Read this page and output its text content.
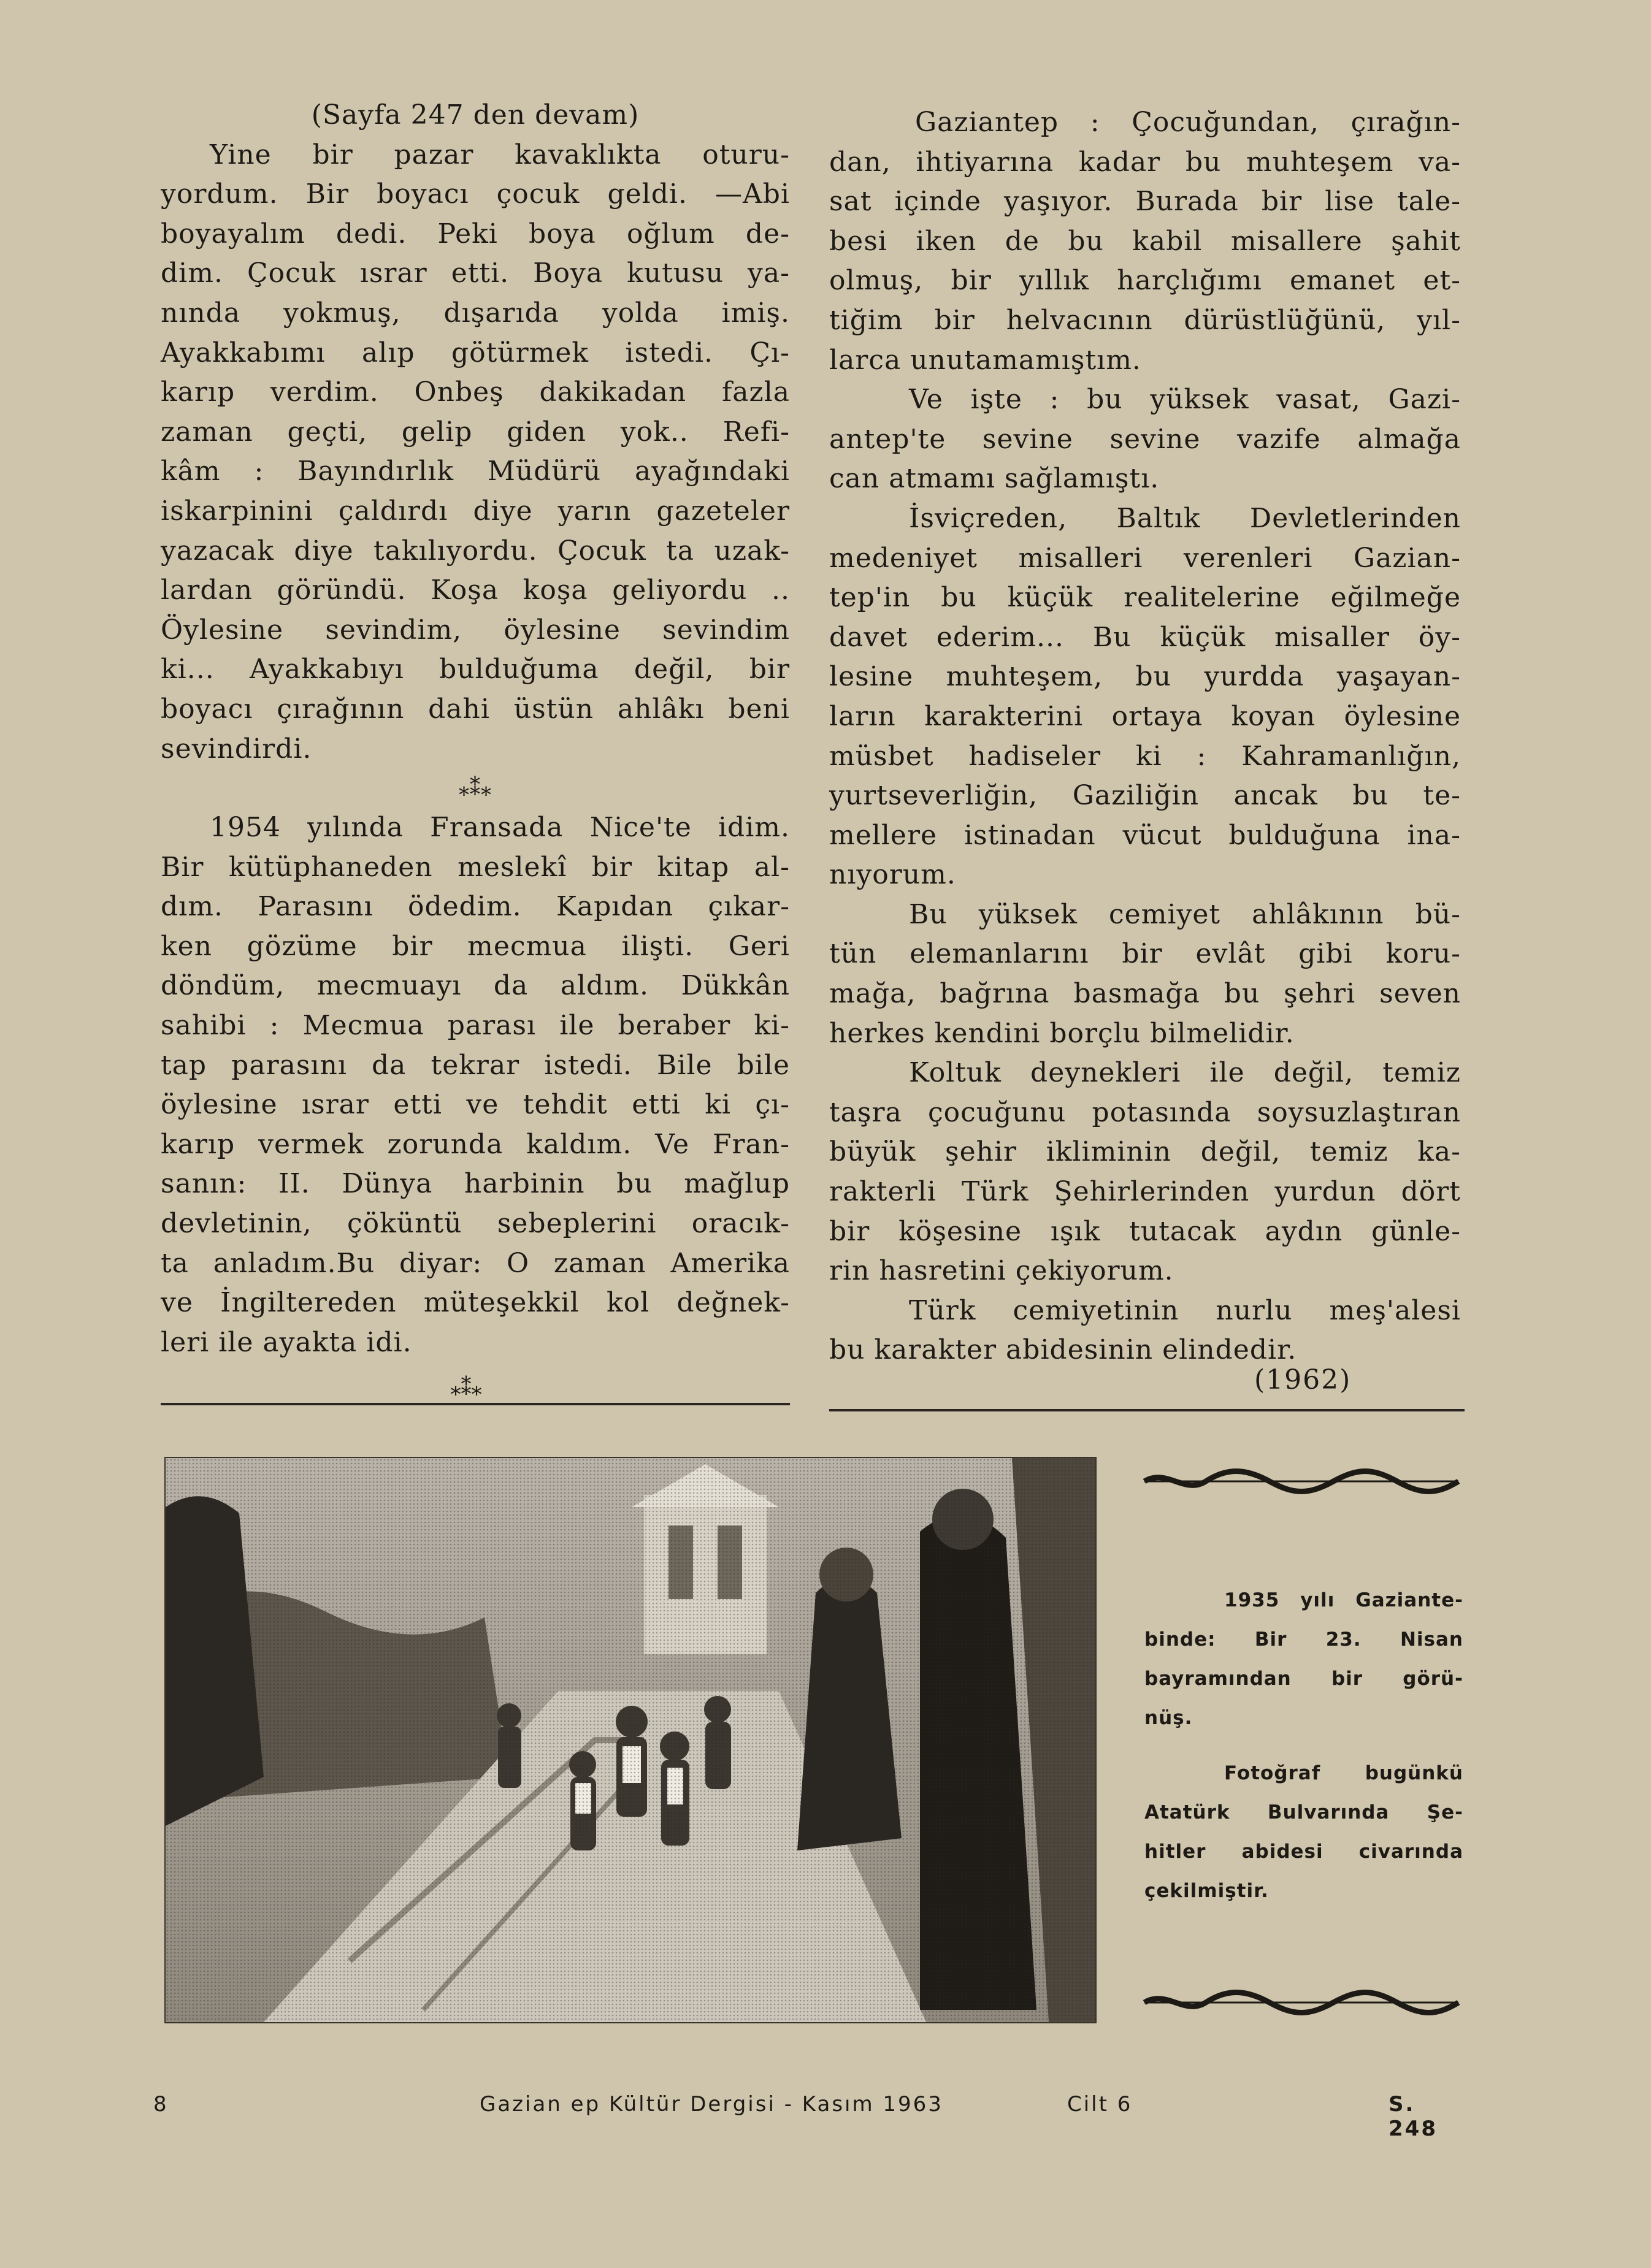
(Sayfa 247 den devam)
Yine bir pazar kavaklıkta oturu-
yordum. Bir boyacı çocuk geldi. —Abi
boyayalım dedi. Peki boya oğlum de-
dim. Çocuk ısrar etti. Boya kutusu ya-
nında yokmuş, dışarıda yolda imiş.
Ayakkabımı alıp götürmek istedi. Çı-
karıp verdim. Onbeş dakikadan fazla
zaman geçti, gelip giden yok.. Refi-
kâm : Bayındırlık Müdürü ayağındaki
iskarpinini çaldırdı diye yarın gazeteler
yazacak diye takılıyordu. Çocuk ta uzak-
lardan göründü. Koşa koşa geliyordu ..
Öylesine sevindim, öylesine sevindim
ki... Ayakkabıyı bulduğuma değil, bir
boyacı çırağının dahi üstün ahlâkı beni
sevindirdi.
⁎⁑⁎
1954 yılında Fransada Nice'te idim.
Bir kütüphaneden meslekî bir kitap al-
dım. Parasını ödedim. Kapıdan çıkar-
ken gözüme bir mecmua ilişti. Geri
döndüm, mecmuayı da aldım. Dükkân
sahibi : Mecmua parası ile beraber ki-
tap parasını da tekrar istedi. Bile bile
öylesine ısrar etti ve tehdit etti ki çı-
karıp vermek zorunda kaldım. Ve Fran-
sanın: II. Dünya harbinin bu mağlup
devletinin, çöküntü sebeplerini oracık-
ta anladım.Bu diyar: O zaman Amerika
ve İngiltereden müteşekkil kol değnek-
leri ile ayakta idi.
⁎⁑⁎
Gaziantep : Çocuğundan, çırağın-
dan, ihtiyarına kadar bu muhteşem va-
sat içinde yaşıyor. Burada bir lise tale-
besi iken de bu kabil misallere şahit
olmuş, bir yıllık harçlığımı emanet et-
tiğim bir helvacının dürüstlüğünü, yıl-
larca unutamamıştım.
Ve işte : bu yüksek vasat, Gazi-
antep'te sevine sevine vazife almağa
can atmamı sağlamıştı.
İsviçreden, Baltık Devletlerinden
medeniyet misalleri verenleri Gazian-
tep'in bu küçük realitelerine eğilmeğe
davet ederim... Bu küçük misaller öy-
lesine muhteşem, bu yurdda yaşayan-
ların karakterini ortaya koyan öylesine
müsbet hadiseler ki : Kahramanlığın,
yurtseverliğin, Gaziliğin ancak bu te-
mellere istinadan vücut bulduğuna ina-
nıyorum.
Bu yüksek cemiyet ahlâkının bü-
tün elemanlarını bir evlât gibi koru-
mağa, bağrına basmağa bu şehri seven
herkes kendini borçlu bilmelidir.
Koltuk deynekleri ile değil, temiz
taşra çocuğunu potasında soysuzlaştıran
büyük şehir ikliminin değil, temiz ka-
rakterli Türk Şehirlerinden yurdun dört
bir köşesine ışık tutacak aydın günle-
rin hasretini çekiyorum.
Türk cemiyetinin nurlu meş'alesi
bu karakter abidesinin elindedir.
(1962)
1935 yılı Gaziante-
binde: Bir 23. Nisan
bayramından bir görü-
nüş.
Fotoğraf bugünkü
Atatürk Bulvarında Şe-
hitler abidesi civarında
çekilmiştir.
8	Gazian ep Kültür Dergisi - Kasım 1963	Cilt 6	S. 248
